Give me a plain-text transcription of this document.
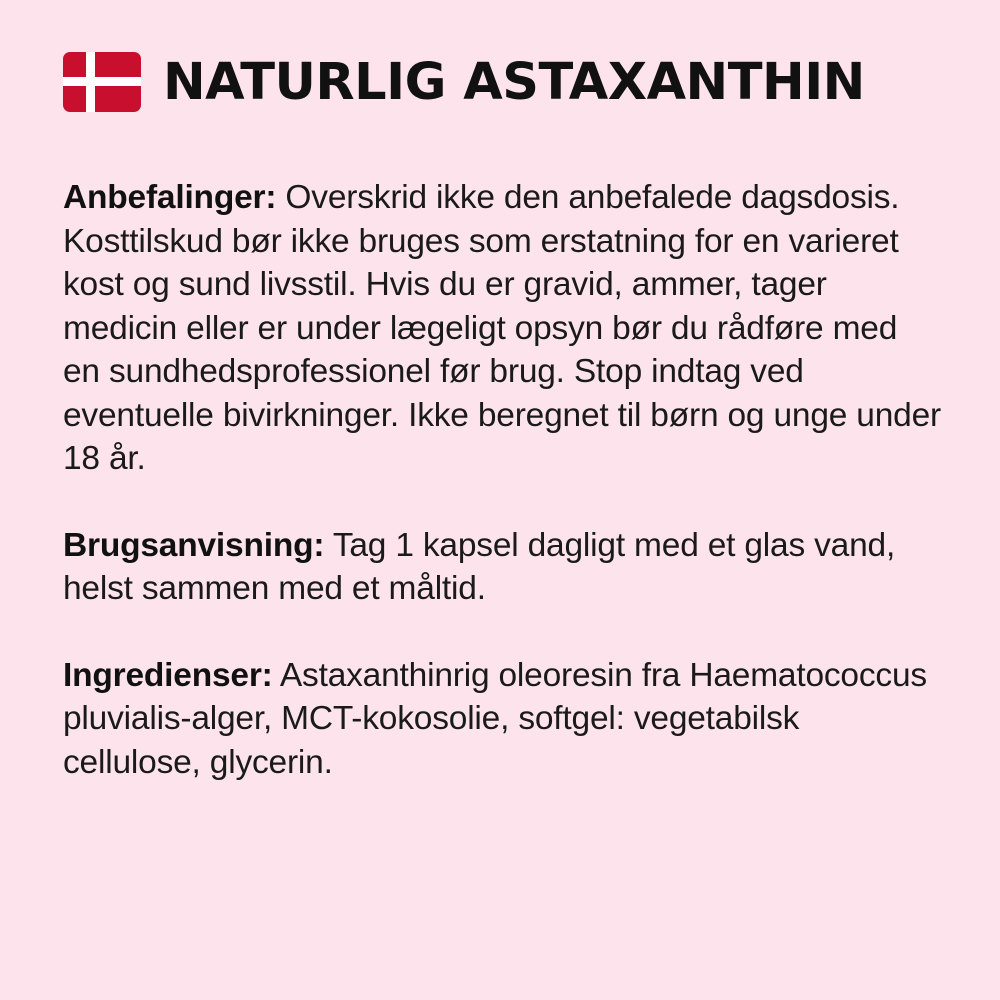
NATURLIG ASTAXANTHIN

Anbefalinger: Overskrid ikke den anbefalede dagsdosis. Kosttilskud bør ikke bruges som erstatning for en varieret kost og sund livsstil. Hvis du er gravid, ammer, tager medicin eller er under lægeligt opsyn bør du rådføre med en sundhedsprofessionel før brug. Stop indtag ved eventuelle bivirkninger. Ikke beregnet til børn og unge under 18 år.

Brugsanvisning: Tag 1 kapsel dagligt med et glas vand, helst sammen med et måltid.

Ingredienser: Astaxanthinrig oleoresin fra Haematococcus pluvialis-alger, MCT-kokosolie, softgel: vegetabilsk cellulose, glycerin.
